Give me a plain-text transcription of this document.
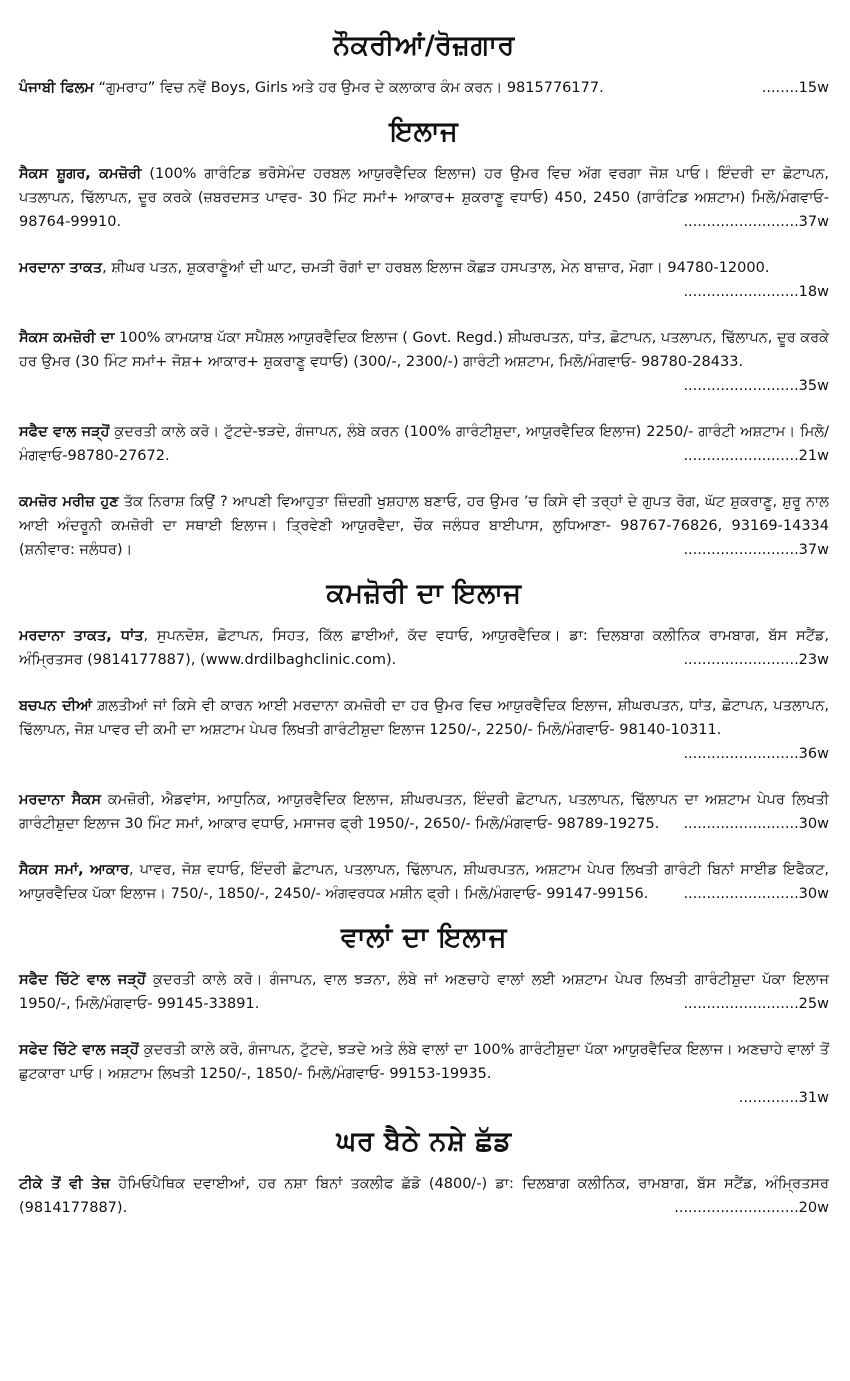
ਨੌਕਰੀਆਂ/ਰੋਜ਼ਗਾਰ

ਪੰਜਾਬੀ ਫਿਲਮ “ਗੁਮਰਾਹ” ਵਿਚ ਨਵੇਂ Boys, Girls ਅਤੇ ਹਰ ਉਮਰ ਦੇ ਕਲਾਕਾਰ ਕੰਮ ਕਰਨ। 9815776177.	........15w

ਇਲਾਜ

ਸੈਕਸ ਸ਼ੂਗਰ, ਕਮਜ਼ੋਰੀ (100% ਗਾਰੰਟਿਡ ਭਰੋਸੇਮੰਦ ਹਰਬਲ ਆਯੁਰਵੈਦਿਕ ਇਲਾਜ) ਹਰ ਉਮਰ ਵਿਚ ਅੱਗ ਵਰਗਾ ਜੋਸ਼ ਪਾਓ। ਇੰਦਰੀ ਦਾ ਛੋਟਾਪਨ, ਪਤਲਾਪਨ, ਢਿੱਲਾਪਨ, ਦੂਰ ਕਰਕੇ (ਜ਼ਬਰਦਸਤ ਪਾਵਰ- 30 ਮਿੰਟ ਸਮਾਂ+ ਆਕਾਰ+ ਸ਼ੁਕਰਾਣੂ ਵਧਾਓ) 450, 2450 (ਗਾਰੰਟਿਡ ਅਸ਼ਟਾਮ) ਮਿਲੋ/ਮੰਗਵਾਓ- 98764-99910.	.........................37w

ਮਰਦਾਨਾ ਤਾਕਤ, ਸ਼ੀਘਰ ਪਤਨ, ਸ਼ੁਕਰਾਣੂੰਆਂ ਦੀ ਘਾਟ, ਚਮੜੀ ਰੋਗਾਂ ਦਾ ਹਰਬਲ ਇਲਾਜ ਕੋਛੜ ਹਸਪਤਾਲ, ਮੇਨ ਬਾਜ਼ਾਰ, ਮੋਗਾ। 94780-12000.
.........................18w

ਸੈਕਸ ਕਮਜ਼ੋਰੀ ਦਾ 100% ਕਾਮਯਾਬ ਪੱਕਾ ਸਪੈਸ਼ਲ ਆਯੁਰਵੈਦਿਕ ਇਲਾਜ ( Govt. Regd.) ਸ਼ੀਘਰਪਤਨ, ਧਾਂਤ, ਛੋਟਾਪਨ, ਪਤਲਾਪਨ, ਢਿੱਲਾਪਨ, ਦੂਰ ਕਰਕੇ ਹਰ ਉਮਰ (30 ਮਿੰਟ ਸਮਾਂ+ ਜੋਸ਼+ ਆਕਾਰ+ ਸ਼ੁਕਰਾਣੂ ਵਧਾਓ) (300/-, 2300/-) ਗਾਰੰਟੀ ਅਸ਼ਟਾਮ, ਮਿਲੋ/ਮੰਗਵਾਓ- 98780-28433.
.........................35w

ਸਫੈਦ ਵਾਲ ਜੜ੍ਹੋਂ ਕੁਦਰਤੀ ਕਾਲੇ ਕਰੋ। ਟੁੱਟਦੇ-ਝੜਦੇ, ਗੰਜਾਪਨ, ਲੰਬੇ ਕਰਨ (100% ਗਾਰੰਟੀਸ਼ੁਦਾ, ਆਯੁਰਵੈਦਿਕ ਇਲਾਜ) 2250/- ਗਾਰੰਟੀ ਅਸ਼ਟਾਮ। ਮਿਲੋ/ਮੰਗਵਾਓ-98780-27672.	.........................21w

ਕਮਜ਼ੋਰ ਮਰੀਜ਼ ਹੁਣ ਤੱਕ ਨਿਰਾਸ਼ ਕਿਉਂ ? ਆਪਣੀ ਵਿਆਹੁਤਾ ਜ਼ਿੰਦਗੀ ਖੁਸ਼ਹਾਲ ਬਣਾਓ, ਹਰ ਉਮਰ ’ਚ ਕਿਸੇ ਵੀ ਤਰ੍ਹਾਂ ਦੇ ਗੁਪਤ ਰੋਗ, ਘੱਟ ਸ਼ੁਕਰਾਣੂ, ਸ਼ੁਰੂ ਨਾਲ ਆਈ ਅੰਦਰੂਨੀ ਕਮਜ਼ੋਰੀ ਦਾ ਸਥਾਈ ਇਲਾਜ। ਤ੍ਰਿਵੇਣੀ ਆਯੁਰਵੈਦਾ, ਚੌਕ ਜਲੰਧਰ ਬਾਈਪਾਸ, ਲੁਧਿਆਣਾ- 98767-76826, 93169-14334 (ਸ਼ਨੀਵਾਰ: ਜਲੰਧਰ)।	.........................37w

ਕਮਜ਼ੋਰੀ ਦਾ ਇਲਾਜ

ਮਰਦਾਨਾ ਤਾਕਤ, ਧਾਂਤ, ਸੁਪਨਦੋਸ਼, ਛੋਟਾਪਨ, ਸਿਹਤ, ਕਿੱਲ ਛਾਈਆਂ, ਕੱਦ ਵਧਾਓ, ਆਯੁਰਵੈਦਿਕ। ਡਾ: ਦਿਲਬਾਗ ਕਲੀਨਿਕ ਰਾਮਬਾਗ, ਬੱਸ ਸਟੈਂਡ, ਅੰਮ੍ਰਿਤਸਰ (9814177887), (www.drdilbaghclinic.com).	.........................23w

ਬਚਪਨ ਦੀਆਂ ਗ਼ਲਤੀਆਂ ਜਾਂ ਕਿਸੇ ਵੀ ਕਾਰਨ ਆਈ ਮਰਦਾਨਾ ਕਮਜ਼ੋਰੀ ਦਾ ਹਰ ਉਮਰ ਵਿਚ ਆਯੁਰਵੈਦਿਕ ਇਲਾਜ, ਸ਼ੀਘਰਪਤਨ, ਧਾਂਤ, ਛੋਟਾਪਨ, ਪਤਲਾਪਨ, ਢਿੱਲਾਪਨ, ਜੋਸ਼ ਪਾਵਰ ਦੀ ਕਮੀ ਦਾ ਅਸ਼ਟਾਮ ਪੇਪਰ ਲਿਖਤੀ ਗਾਰੰਟੀਸ਼ੁਦਾ ਇਲਾਜ 1250/-, 2250/- ਮਿਲੋ/ਮੰਗਵਾਓ- 98140-10311.
.........................36w

ਮਰਦਾਨਾ ਸੈਕਸ ਕਮਜ਼ੋਰੀ, ਐਡਵਾਂਸ, ਆਧੁਨਿਕ, ਆਯੁਰਵੈਦਿਕ ਇਲਾਜ, ਸ਼ੀਘਰਪਤਨ, ਇੰਦਰੀ ਛੋਟਾਪਨ, ਪਤਲਾਪਨ, ਢਿੱਲਾਪਨ ਦਾ ਅਸ਼ਟਾਮ ਪੇਪਰ ਲਿਖਤੀ ਗਾਰੰਟੀਸ਼ੁਦਾ ਇਲਾਜ 30 ਮਿੰਟ ਸਮਾਂ, ਆਕਾਰ ਵਧਾਓ, ਮਸਾਜਰ ਫ੍ਰੀ 1950/-, 2650/- ਮਿਲੋ/ਮੰਗਵਾਓ- 98789-19275. .........................30w

ਸੈਕਸ ਸਮਾਂ, ਆਕਾਰ, ਪਾਵਰ, ਜੋਸ਼ ਵਧਾਓ, ਇੰਦਰੀ ਛੋਟਾਪਨ, ਪਤਲਾਪਨ, ਢਿੱਲਾਪਨ, ਸ਼ੀਘਰਪਤਨ, ਅਸ਼ਟਾਮ ਪੇਪਰ ਲਿਖਤੀ ਗਾਰੰਟੀ ਬਿਨਾਂ ਸਾਈਡ ਇਫੈਕਟ, ਆਯੁਰਵੈਦਿਕ ਪੱਕਾ ਇਲਾਜ। 750/-, 1850/-, 2450/- ਅੰਗਵਰਧਕ ਮਸ਼ੀਨ ਫ੍ਰੀ। ਮਿਲੋ/ਮੰਗਵਾਓ- 99147-99156. .........................30w

ਵਾਲਾਂ ਦਾ ਇਲਾਜ

ਸਫੈਦ ਚਿੱਟੇ ਵਾਲ ਜੜ੍ਹੋਂ ਕੁਦਰਤੀ ਕਾਲੇ ਕਰੋ। ਗੰਜਾਪਨ, ਵਾਲ ਝੜਨਾ, ਲੰਬੇ ਜਾਂ ਅਣਚਾਹੇ ਵਾਲਾਂ ਲਈ ਅਸ਼ਟਾਮ ਪੇਪਰ ਲਿਖਤੀ ਗਾਰੰਟੀਸ਼ੁਦਾ ਪੱਕਾ ਇਲਾਜ 1950/-, ਮਿਲੋ/ਮੰਗਵਾਓ- 99145-33891.	.........................25w

ਸਫੇਦ ਚਿੱਟੇ ਵਾਲ ਜੜ੍ਹੋਂ ਕੁਦਰਤੀ ਕਾਲੇ ਕਰੋ, ਗੰਜਾਪਨ, ਟੁੱਟਦੇ, ਝੜਦੇ ਅਤੇ ਲੰਬੇ ਵਾਲਾਂ ਦਾ 100% ਗਾਰੰਟੀਸ਼ੁਦਾ ਪੱਕਾ ਆਯੁਰਵੈਦਿਕ ਇਲਾਜ। ਅਣਚਾਹੇ ਵਾਲਾਂ ਤੋਂ ਛੁਟਕਾਰਾ ਪਾਓ। ਅਸ਼ਟਾਮ ਲਿਖਤੀ 1250/-, 1850/- ਮਿਲੋ/ਮੰਗਵਾਓ- 99153-19935.
.............31w

ਘਰ ਬੈਠੇ ਨਸ਼ੇ ਛੱਡ

ਟੀਕੇ ਤੋਂ ਵੀ ਤੇਜ਼ ਹੋਮਿਓਪੈਥਿਕ ਦਵਾਈਆਂ, ਹਰ ਨਸ਼ਾ ਬਿਨਾਂ ਤਕਲੀਫ ਛੱਡੋ (4800/-) ਡਾ: ਦਿਲਬਾਗ ਕਲੀਨਿਕ, ਰਾਮਬਾਗ, ਬੱਸ ਸਟੈਂਡ, ਅੰਮ੍ਰਿਤਸਰ (9814177887).	...........................20w
